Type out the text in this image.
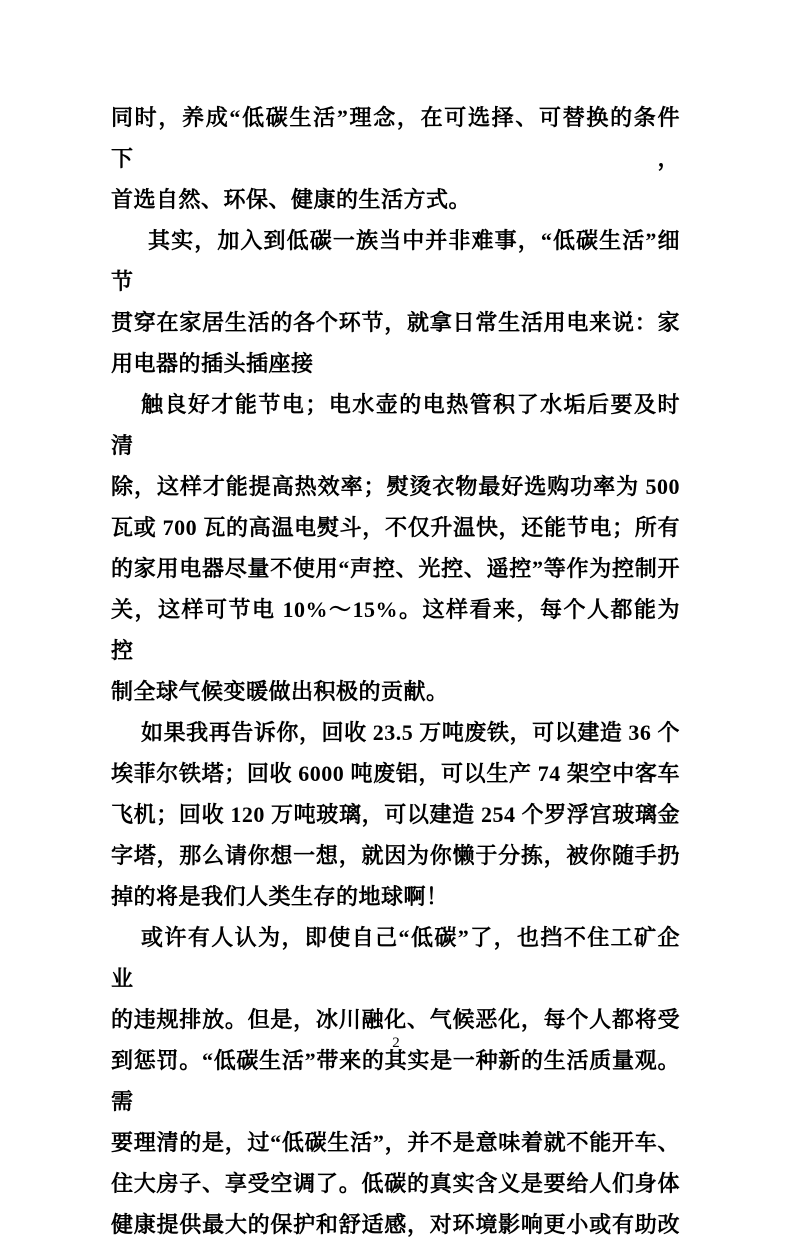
同时，养成“低碳生活”理念，在可选择、可替换的条件下，
首选自然、环保、健康的生活方式。

其实，加入到低碳一族当中并非难事，“低碳生活”细节
贯穿在家居生活的各个环节，就拿日常生活用电来说：家
用电器的插头插座接

触良好才能节电；电水壶的电热管积了水垢后要及时清
除，这样才能提高热效率；熨烫衣物最好选购功率为 500
瓦或 700 瓦的高温电熨斗，不仅升温快，还能节电；所有
的家用电器尽量不使用“声控、光控、遥控”等作为控制开
关，这样可节电 10%～15%。这样看来，每个人都能为控
制全球气候变暖做出积极的贡献。

如果我再告诉你，回收 23.5 万吨废铁，可以建造 36 个
埃菲尔铁塔；回收 6000 吨废铝，可以生产 74 架空中客车
飞机；回收 120 万吨玻璃，可以建造 254 个罗浮宫玻璃金
字塔，那么请你想一想，就因为你懒于分拣，被你随手扔
掉的将是我们人类生存的地球啊！

或许有人认为，即使自己“低碳”了，也挡不住工矿企业
的违规排放。但是，冰川融化、气候恶化，每个人都将受
到惩罚。“低碳生活”带来的其实是一种新的生活质量观。需
要理清的是，过“低碳生活”，并不是意味着就不能开车、
住大房子、享受空调了。低碳的真实含义是要给人们身体
健康提供最大的保护和舒适感，对环境影响更小或有助改

2
